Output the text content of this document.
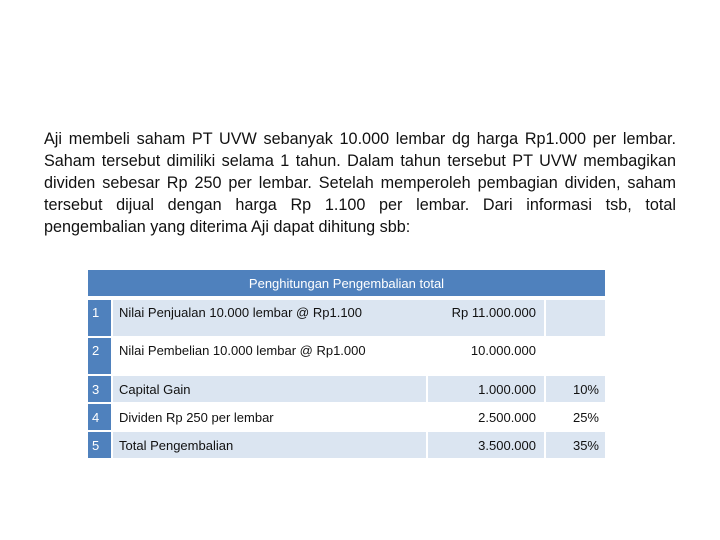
Aji membeli saham PT UVW sebanyak 10.000 lembar dg harga Rp1.000 per lembar. Saham tersebut dimiliki selama 1 tahun. Dalam tahun tersebut PT UVW membagikan dividen sebesar Rp 250 per lembar. Setelah memperoleh pembagian dividen, saham tersebut dijual dengan harga Rp 1.100 per lembar. Dari informasi tsb, total pengembalian yang diterima Aji dapat dihitung sbb:

Penghitungan Pengembalian total
1	Nilai Penjualan 10.000 lembar @ Rp1.100	Rp 11.000.000	
2	Nilai Pembelian 10.000 lembar @ Rp1.000	10.000.000	
3	Capital Gain	1.000.000	10%
4	Dividen Rp 250 per lembar	2.500.000	25%
5	Total Pengembalian	3.500.000	35%
